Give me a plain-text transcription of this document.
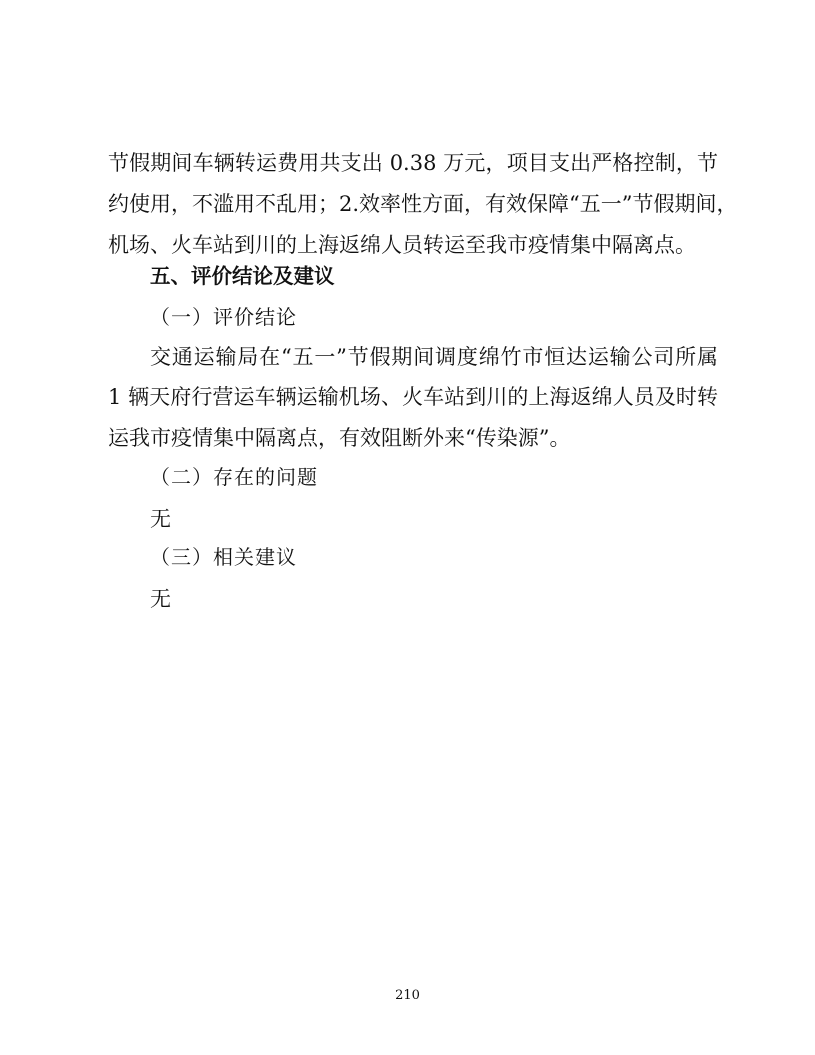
节假期间车辆转运费用共支出 0.38 万元，项目支出严格控制，节
约使用，不滥用不乱用；2.效率性方面，有效保障“五一”节假期间，
机场、火车站到川的上海返绵人员转运至我市疫情集中隔离点。
五、评价结论及建议
（一）评价结论
交通运输局在“五一”节假期间调度绵竹市恒达运输公司所属
1 辆天府行营运车辆运输机场、火车站到川的上海返绵人员及时转
运我市疫情集中隔离点，有效阻断外来“传染源”。
（二）存在的问题
无
（三）相关建议
无
210
